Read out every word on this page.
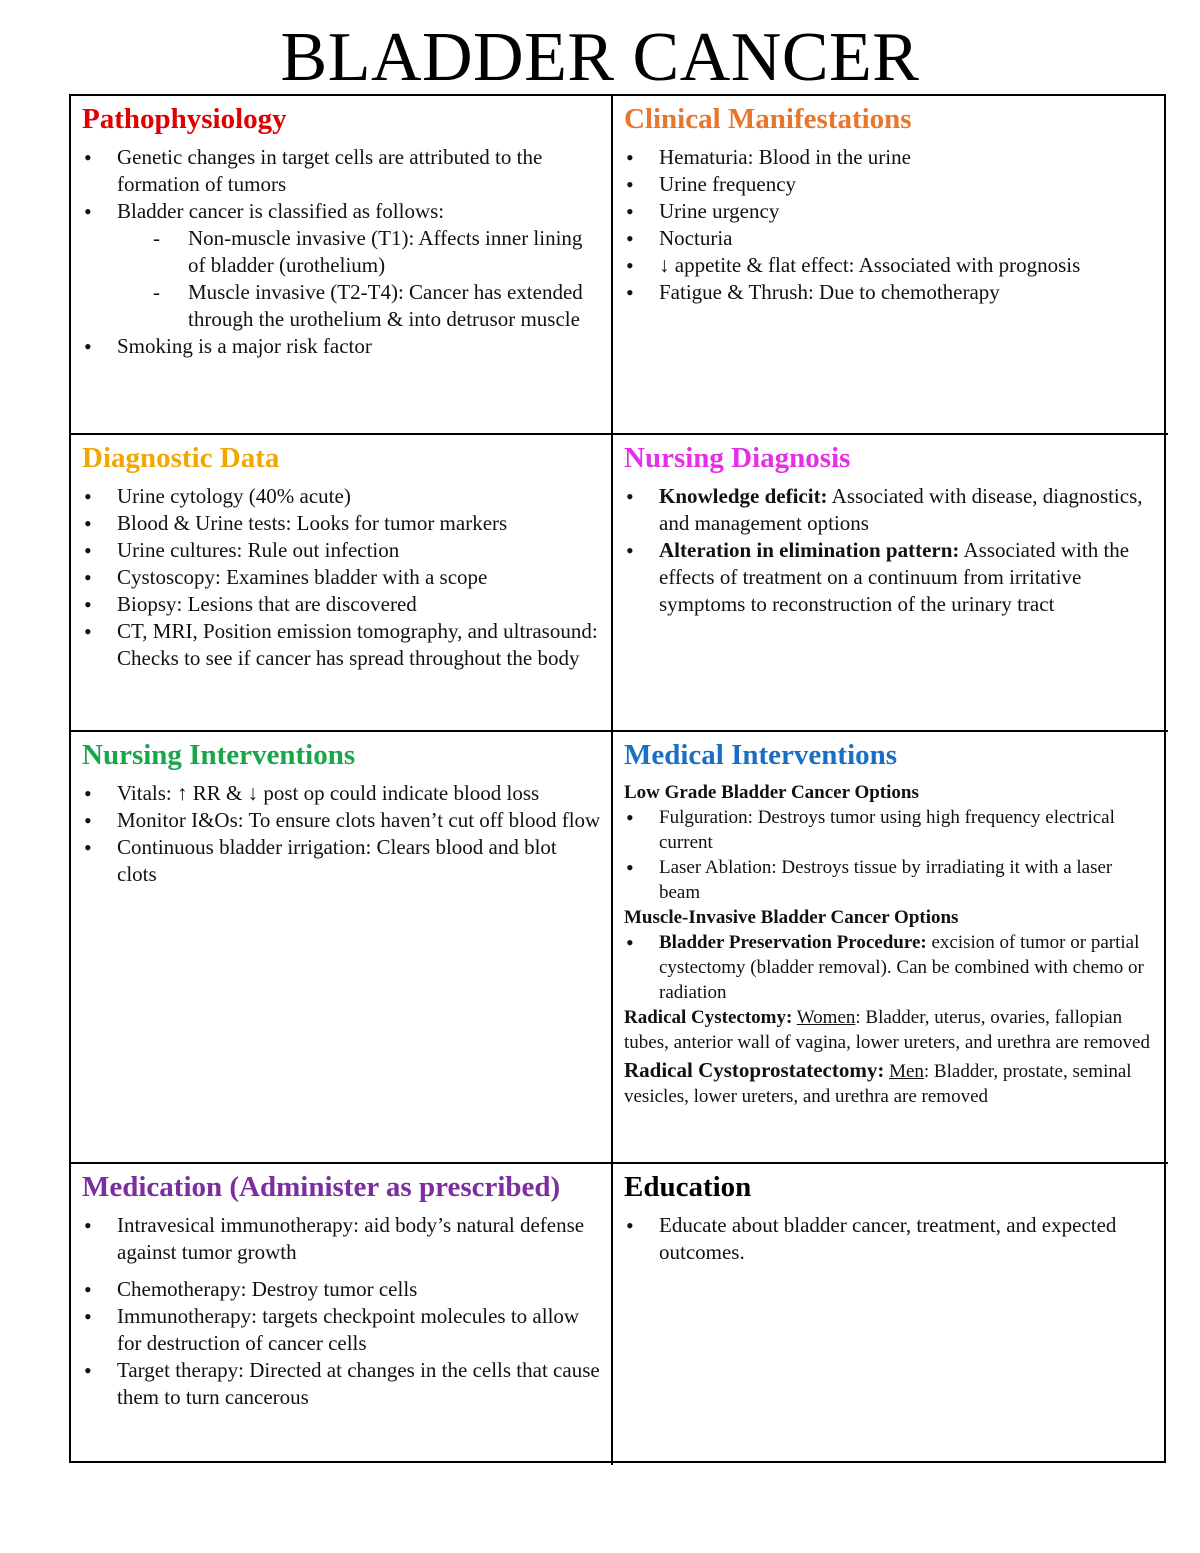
BLADDER CANCER
Pathophysiology
• Genetic changes in target cells are attributed to the formation of tumors
• Bladder cancer is classified as follows:
- Non-muscle invasive (T1): Affects inner lining of bladder (urothelium)
- Muscle invasive (T2-T4): Cancer has extended through the urothelium & into detrusor muscle
• Smoking is a major risk factor
Clinical Manifestations
• Hematuria: Blood in the urine
• Urine frequency
• Urine urgency
• Nocturia
• ↓ appetite & flat effect: Associated with prognosis
• Fatigue & Thrush: Due to chemotherapy
Diagnostic Data
• Urine cytology (40% acute)
• Blood & Urine tests: Looks for tumor markers
• Urine cultures: Rule out infection
• Cystoscopy: Examines bladder with a scope
• Biopsy: Lesions that are discovered
• CT, MRI, Position emission tomography, and ultrasound: Checks to see if cancer has spread throughout the body
Nursing Diagnosis
• Knowledge deficit: Associated with disease, diagnostics, and management options
• Alteration in elimination pattern: Associated with the effects of treatment on a continuum from irritative symptoms to reconstruction of the urinary tract
Nursing Interventions
• Vitals: ↑ RR & ↓ post op could indicate blood loss
• Monitor I&Os: To ensure clots haven’t cut off blood flow
• Continuous bladder irrigation: Clears blood and blot clots
Medical Interventions

Low Grade Bladder Cancer Options

• Fulguration: Destroys tumor using high frequency electrical current
• Laser Ablation: Destroys tissue by irradiating it with a laser beam

Muscle-Invasive Bladder Cancer Options

• Bladder Preservation Procedure: excision of tumor or partial cystectomy (bladder removal). Can be combined with chemo or radiation

Radical Cystectomy: Women: Bladder, uterus, ovaries, fallopian tubes, anterior wall of vagina, lower ureters, and urethra are removed

Radical Cystoprostatectomy: Men: Bladder, prostate, seminal vesicles, lower ureters, and urethra are removed

Medication (Administer as prescribed)
• Intravesical immunotherapy: aid body’s natural defense against tumor growth
• Chemotherapy: Destroy tumor cells
• Immunotherapy: targets checkpoint molecules to allow for destruction of cancer cells
• Target therapy: Directed at changes in the cells that cause them to turn cancerous
Education
• Educate about bladder cancer, treatment, and expected outcomes.
